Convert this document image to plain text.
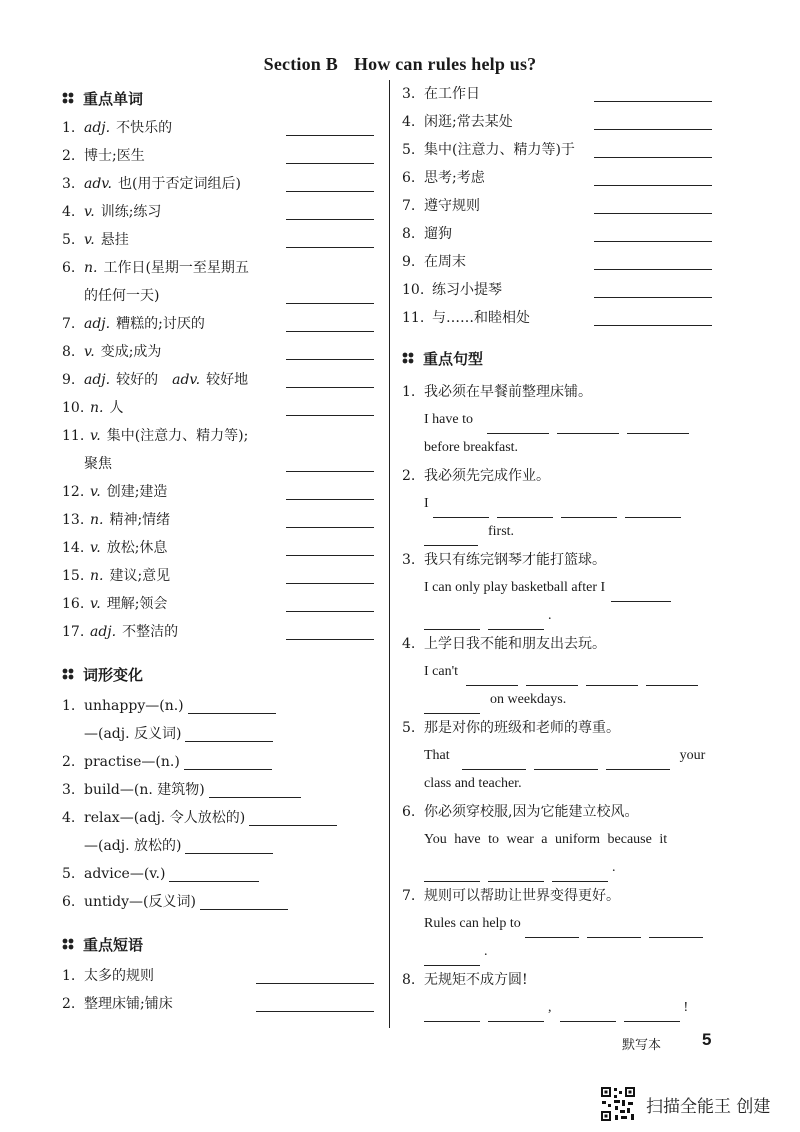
Section B How can rules help us?
重点单词
1. adj. 不快乐的
2. 博士;医生
3. adv. 也(用于否定词组后)
4. v. 训练;练习
5. v. 悬挂
6. n. 工作日(星期一至星期五
的任何一天)
7. adj. 糟糕的;讨厌的
8. v. 变成;成为
9. adj. 较好的 adv. 较好地
10. n. 人
11. v. 集中(注意力、精力等);
聚焦
12. v. 创建;建造
13. n. 精神;情绪
14. v. 放松;休息
15. n. 建议;意见
16. v. 理解;领会
17. adj. 不整洁的
词形变化
1. unhappy—(n.)
—(adj. 反义词)
2. practise—(n.)
3. build—(n. 建筑物)
4. relax—(adj. 令人放松的)
—(adj. 放松的)
5. advice—(v.)
6. untidy—(反义词)
重点短语
1. 太多的规则
2. 整理床铺;铺床
3. 在工作日
4. 闲逛;常去某处
5. 集中(注意力、精力等)于
6. 思考;考虑
7. 遵守规则
8. 遛狗
9. 在周末
10. 练习小提琴
11. 与……和睦相处
重点句型
1. 我必须在早餐前整理床铺。
I have to
before breakfast.
2. 我必须先完成作业。
I
first.
3. 我只有练完钢琴才能打篮球。
I can only play basketball after I
.
4. 上学日我不能和朋友出去玩。
I can't
on weekdays.
5. 那是对你的班级和老师的尊重。
That	your
class and teacher.
6. 你必须穿校服,因为它能建立校风。
You have to wear a uniform because it
.
7. 规则可以帮助让世界变得更好。
Rules can help to
.
8. 无规矩不成方圆!
,	!
默写本 5
扫描全能王 创建
